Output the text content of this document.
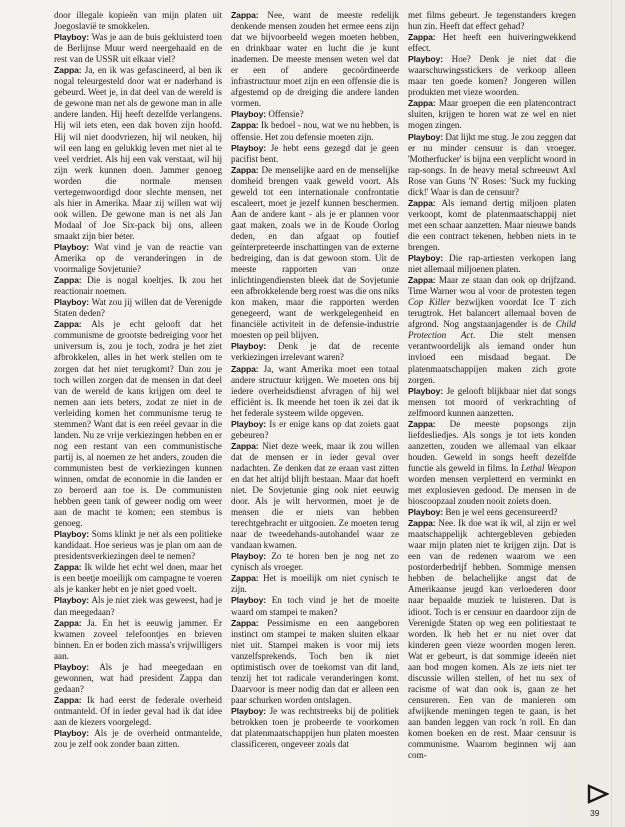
door illegale kopieën van mijn platen uit Joegoslavië te smokkelen.

Playboy: Was je aan de buis gekluisterd toen de Berlijnse Muur werd neergehaald en de rest van de USSR uit elkaar viel?

Zappa: Ja, en ik was gefascineerd, al ben ik nogal teleurgesteld door wat er naderhand is gebeurd. Weet je, in dat deel van de wereld is de gewone man net als de gewone man in alle andere landen. Hij heeft dezelfde verlangens. Hij wil iets eten, een dak boven zijn hoofd. Hij wil niet doodvriezen, hij wil neuken, hij wil een lang en gelukkig leven met niet al te veel verdriet. Als hij een vak verstaat, wil hij zijn werk kunnen doen. Jammer genoeg worden die normale mensen vertegenwoordigd door slechte mensen, net als hier in Amerika. Maar zij willen wat wij ook willen. De gewone man is net als Jan Modaal of Joe Six-pack bij ons, alleen smaakt zijn bier beter.

Playboy: Wat vind je van de reactie van Amerika op de veranderingen in de voormalige Sovjetunie?

Zappa: Die is nogal koeltjes. Ik zou het reactionair noemen.

Playboy: Wat zou jij willen dat de Verenigde Staten deden?

Zappa: Als je echt gelooft dat het communisme de grootste bedreiging voor het universum is, zou je toch, zodra je het ziet afbrokkelen, alles in het werk stellen om te zorgen dat het niet terugkomt? Dan zou je toch willen zorgen dat de mensen in dat deel van de wereld de kans krijgen om deel te nemen aan iets beters, zodat ze niet in de verleiding komen het communisme terug te stemmen? Want dat is een reëel gevaar in die landen. Nu ze vrije verkiezingen hebben en er nog een restant van een communistische partij is, al noemen ze het anders, zouden die communisten best de verkiezingen kunnen winnen, omdat de economie in die landen er zo beroerd aan toe is. De communisten hebben geen tank of geweer nodig om weer aan de macht te komen; een stembus is genoeg.

Playboy: Soms klinkt je net als een politieke kandidaat. Hoe serieus was je plan om aan de presidentsverkiezingen deel te nemen?

Zappa: Ik wilde het echt wel doen, maar het is een beetje moeilijk om campagne te voeren als je kanker hebt en je niet goed voelt.

Playboy: Als je niet ziek was geweest, had je dan meegedaan?

Zappa: Ja. En het is eeuwig jammer. Er kwamen zoveel telefoontjes en brieven binnen. En er boden zich massa's vrijwilligers aan.

Playboy: Als je had meegedaan en gewonnen, wat had president Zappa dan gedaan?

Zappa: Ik had eerst de federale overheid ontmanteld. Of in ieder geval had ik dat idee aan de kiezers voorgelegd.

Playboy: Als je de overheid ontmantelde, zou je zelf ook zonder baan zitten.

Zappa: Nee, want de meeste redelijk denkende mensen zouden het ermee eens zijn dat we bijvoorbeeld wegen moeten hebben, en drinkbaar water en lucht die je kunt inademen. De meeste mensen weten wel dat er een of andere gecoördineerde infrastructuur moet zijn en een offensie die is afgestemd op de dreiging die andere landen vormen.

Playboy: Offensie?

Zappa: Ik bedoel - nou, wat we nu hebben, is offensie. Het zou defensie moeten zijn.

Playboy: Je hebt eens gezegd dat je geen pacifist bent.

Zappa: De menselijke aard en de menselijke domheid brengen vaak geweld voort. Als geweld tot een internationale confrontatie escaleert, moet je jezelf kunnen beschermen. Aan de andere kant - als je er plannen voor gaat maken, zoals we in de Koude Oorlog deden, en dan afgaat op foutief geïnterpreteerde inschattingen van de externe bedreiging, dan is dat gewoon stom. Uit de meeste rapporten van onze inlichtingendiensten bleek dat de Sovjetunie een afbrokkelende berg roest was die ons niks kon maken, maar die rapporten werden genegeerd, want de werkgelegenheid en financiële activiteit in de defensie-industrie moesten op peil blijven.

Playboy: Denk je dat de recente verkiezingen irrelevant waren?

Zappa: Ja, want Amerika moet een totaal andere structuur krijgen. We moeten ons bij iedere overheidsdienst afvragen of hij wel efficiënt is. Ik meende het toen ik zei dat ik het federale systeem wilde opgeven.

Playboy: Is er enige kans op dat zoiets gaat gebeuren?

Zappa: Niet deze week, maar ik zou willen dat de mensen er in ieder geval over nadachten. Ze denken dat ze eraan vast zitten en dat het altijd blijft bestaan. Maar dat hoeft niet. De Sovjetunie ging ook niet eeuwig door. Als je wilt hervormen, moet je de mensen die er niets van hebben terechtgebracht er uitgooien. Ze moeten terug naar de tweedehands-autohandel waar ze vandaan kwamen.

Playboy: Zo te horen ben je nog net zo cynisch als vroeger.

Zappa: Het is moeilijk om niet cynisch te zijn.

Playboy: En toch vind je het de moeite waard om stampei te maken?

Zappa: Pessimisme en een aangeboren instinct om stampei te maken sluiten elkaar niet uit. Stampei maken is voor mij iets vanzelfsprekends. Toch ben ik niet optimistisch over de toekomst van dit land, tenzij het tot radicale veranderingen komt. Daarvoor is meer nodig dan dat er alleen een paar schurken worden ontslagen.

Playboy: Je was rechtstreeks bij de politiek betrokken toen je probeerde te voorkomen dat platenmaatschappijen hun platen moesten classificeren, ongeveer zoals dat

met films gebeurt. Je tegenstanders kregen hun zin. Heeft dat effect gehad?

Zappa: Het heeft een huiveringwekkend effect.

Playboy: Hoe? Denk je niet dat die waarschuwingsstickers de verkoop alleen maar ten goede komen? Jongeren willen produkten met vieze woorden.

Zappa: Maar groepen die een platencontract sluiten, krijgen te horen wat ze wel en niet mogen zingen.

Playboy: Dat lijkt me stug. Je zou zeggen dat er nu minder censuur is dan vroeger. 'Motherfucker' is bijna een verplicht woord in rap-songs. In de heavy metal schreeuwt Axl Rose van Guns 'N' Roses: 'Suck my fucking dick!' Waar is dan de censuur?

Zappa: Als iemand dertig miljoen platen verkoopt, komt de platenmaatschappij niet met een schaar aanzetten. Maar nieuwe bands die een contract tekenen, hebben niets in te brengen.

Playboy: Die rap-artiesten verkopen lang niet allemaal miljoenen platen.

Zappa: Maar ze staan dan ook op drijfzand. Time Warner wou al voor de protesten tegen Cop Killer bezwijken voordat Ice T zich terugtrok. Het balancert allemaal boven de afgrond. Nog angstaanjagender is de Child Protection Act. Die stelt mensen verantwoordelijk als iemand onder hun invloed een misdaad begaat. De platenmaatschappijen maken zich grote zorgen.

Playboy: Je gelooft blijkbaar niet dat songs mensen tot moord of verkrachting of zelfmoord kunnen aanzetten.

Zappa: De meeste popsongs zijn liefdesliedjes. Als songs je tot iets konden aanzetten, zouden we allemaal van elkaar houden. Geweld in songs heeft dezelfde functie als geweld in films. In Lethal Weapon worden mensen verpletterd en verminkt en met explosieven gedood. De mensen in de bioscoopzaal zouden nooit zoiets doen.

Playboy: Ben je wel eens gecensureerd?

Zappa: Nee. Ik doe wat ik wil, al zijn er wel maatschappelijk achtergebleven gebieden waar mijn platen niet te krijgen zijn. Dat is een van de redenen waarom we een postorderbedrijf hebben. Sommige mensen hebben de belachelijke angst dat de Amerikaanse jeugd kan verloederen door naar bepaalde muziek te luisteren. Dat is idioot. Toch is er censuur en daardoor zijn de Verenigde Staten op weg een politiestaat te worden. Ik heb het er nu niet over dat kinderen geen vieze woorden mogen leren. Wat er gebeurt, is dat sommige ideeën niet aan bod mogen komen. Als ze iets niet ter discussie willen stellen, of het nu sex of racisme of wat dan ook is, gaan ze het censureren. Een van de manieren om afwijkende meningen tegen te gaan, is het aan banden leggen van rock 'n roll. En dan komen boeken en de rest. Maar censuur is communisme. Waarom beginnen wij aan com-

39
